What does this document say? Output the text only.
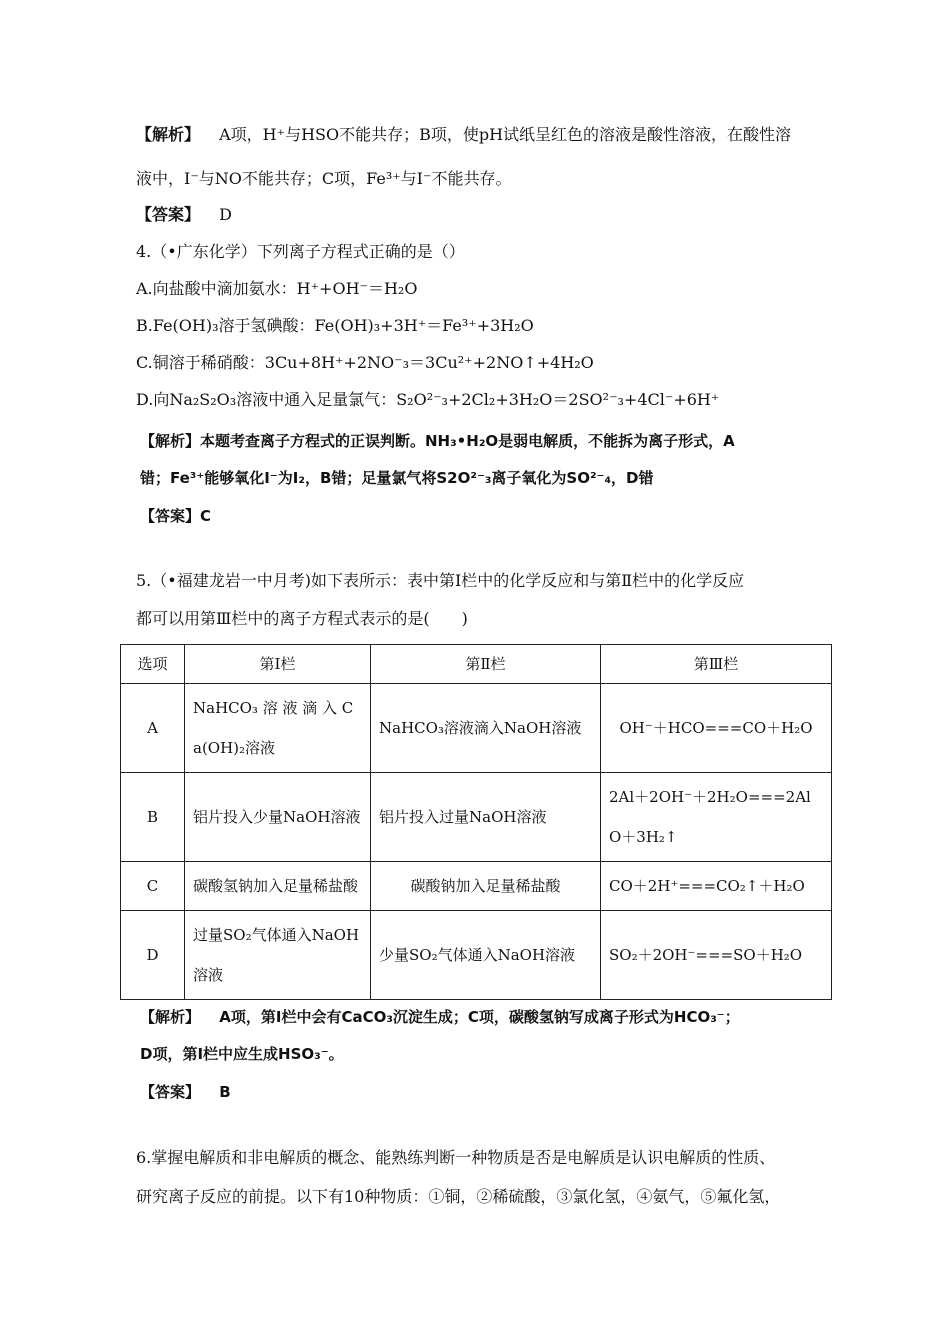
【解析】 A项，H⁺与HSO不能共存；B项，使pH试纸呈红色的溶液是酸性溶液，在酸性溶
液中，I⁻与NO不能共存；C项，Fe³⁺与I⁻不能共存。
【答案】 D
4.（•广东化学）下列离子方程式正确的是（）
A.向盐酸中滴加氨水：H⁺+OH⁻＝H₂O
B.Fe(OH)₃溶于氢碘酸：Fe(OH)₃+3H⁺＝Fe³⁺+3H₂O
C.铜溶于稀硝酸：3Cu+8H⁺+2NO⁻₃＝3Cu²⁺+2NO↑+4H₂O
D.向Na₂S₂O₃溶液中通入足量氯气：S₂O²⁻₃+2Cl₂+3H₂O＝2SO²⁻₃+4Cl⁻+6H⁺
【解析】本题考查离子方程式的正误判断。NH₃•H₂O是弱电解质，不能拆为离子形式，A
错；Fe³⁺能够氧化I⁻为I₂，B错；足量氯气将S2O²⁻₃离子氧化为SO²⁻₄，D错
【答案】C
5.（•福建龙岩一中月考)如下表所示：表中第Ⅰ栏中的化学反应和与第Ⅱ栏中的化学反应
都可以用第Ⅲ栏中的离子方程式表示的是(　　)
选项	第Ⅰ栏	第Ⅱ栏	第Ⅲ栏
A	NaHCO₃ 溶 液 滴 入 Ca(OH)₂溶液	NaHCO₃溶液滴入NaOH溶液	OH⁻＋HCO===CO＋H₂O
B	铝片投入少量NaOH溶液	铝片投入过量NaOH溶液	2Al＋2OH⁻＋2H₂O===2AlO＋3H₂↑
C	碳酸氢钠加入足量稀盐酸	碳酸钠加入足量稀盐酸	CO＋2H⁺===CO₂↑＋H₂O
D	过量SO₂气体通入NaOH溶液	少量SO₂气体通入NaOH溶液	SO₂＋2OH⁻===SO＋H₂O
【解析】 A项，第Ⅰ栏中会有CaCO₃沉淀生成；C项，碳酸氢钠写成离子形式为HCO₃⁻；
D项，第Ⅰ栏中应生成HSO₃⁻。
【答案】 B
6.掌握电解质和非电解质的概念、能熟练判断一种物质是否是电解质是认识电解质的性质、
研究离子反应的前提。以下有10种物质：①铜，②稀硫酸，③氯化氢，④氨气，⑤氟化氢，
